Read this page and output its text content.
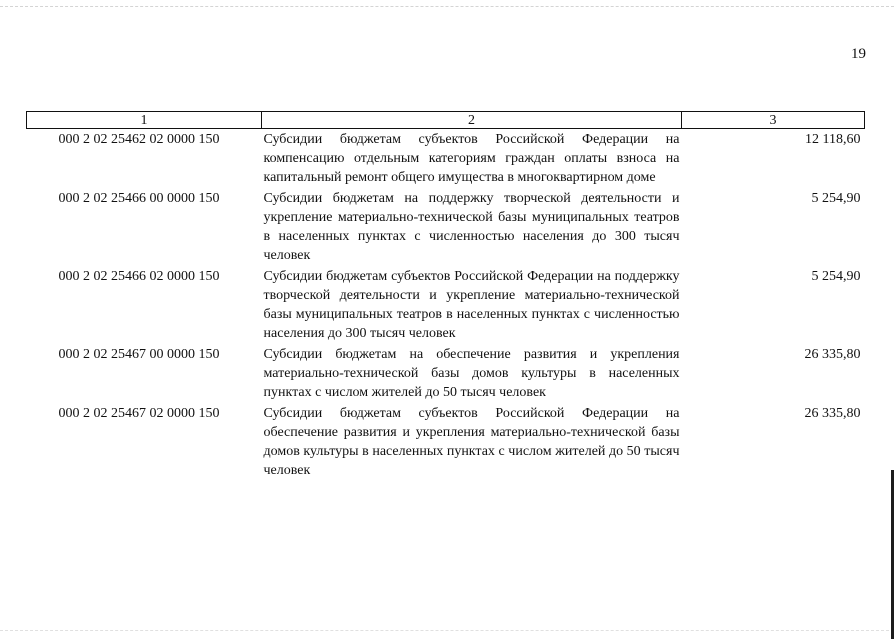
19
1	2	3
000 2 02 25462 02 0000 150	Субсидии бюджетам субъектов Российской Федерации на компенсацию отдельным категориям граждан оплаты взноса на капитальный ремонт общего имущества в многоквартирном доме	12 118,60
000 2 02 25466 00 0000 150	Субсидии бюджетам на поддержку творческой деятельности и укрепление материально-технической базы муниципальных театров в населенных пунктах с численностью населения до 300 тысяч человек	5 254,90
000 2 02 25466 02 0000 150	Субсидии бюджетам субъектов Российской Федерации на поддержку творческой деятельности и укрепление материально-технической базы муниципальных театров в населенных пунктах с численностью населения до 300 тысяч человек	5 254,90
000 2 02 25467 00 0000 150	Субсидии бюджетам на обеспечение развития и укрепления материально-технической базы домов культуры в населенных пунктах с числом жителей до 50 тысяч человек	26 335,80
000 2 02 25467 02 0000 150	Субсидии бюджетам субъектов Российской Федерации на обеспечение развития и укрепления материально-технической базы домов культуры в населенных пунктах с числом жителей до 50 тысяч человек	26 335,80
